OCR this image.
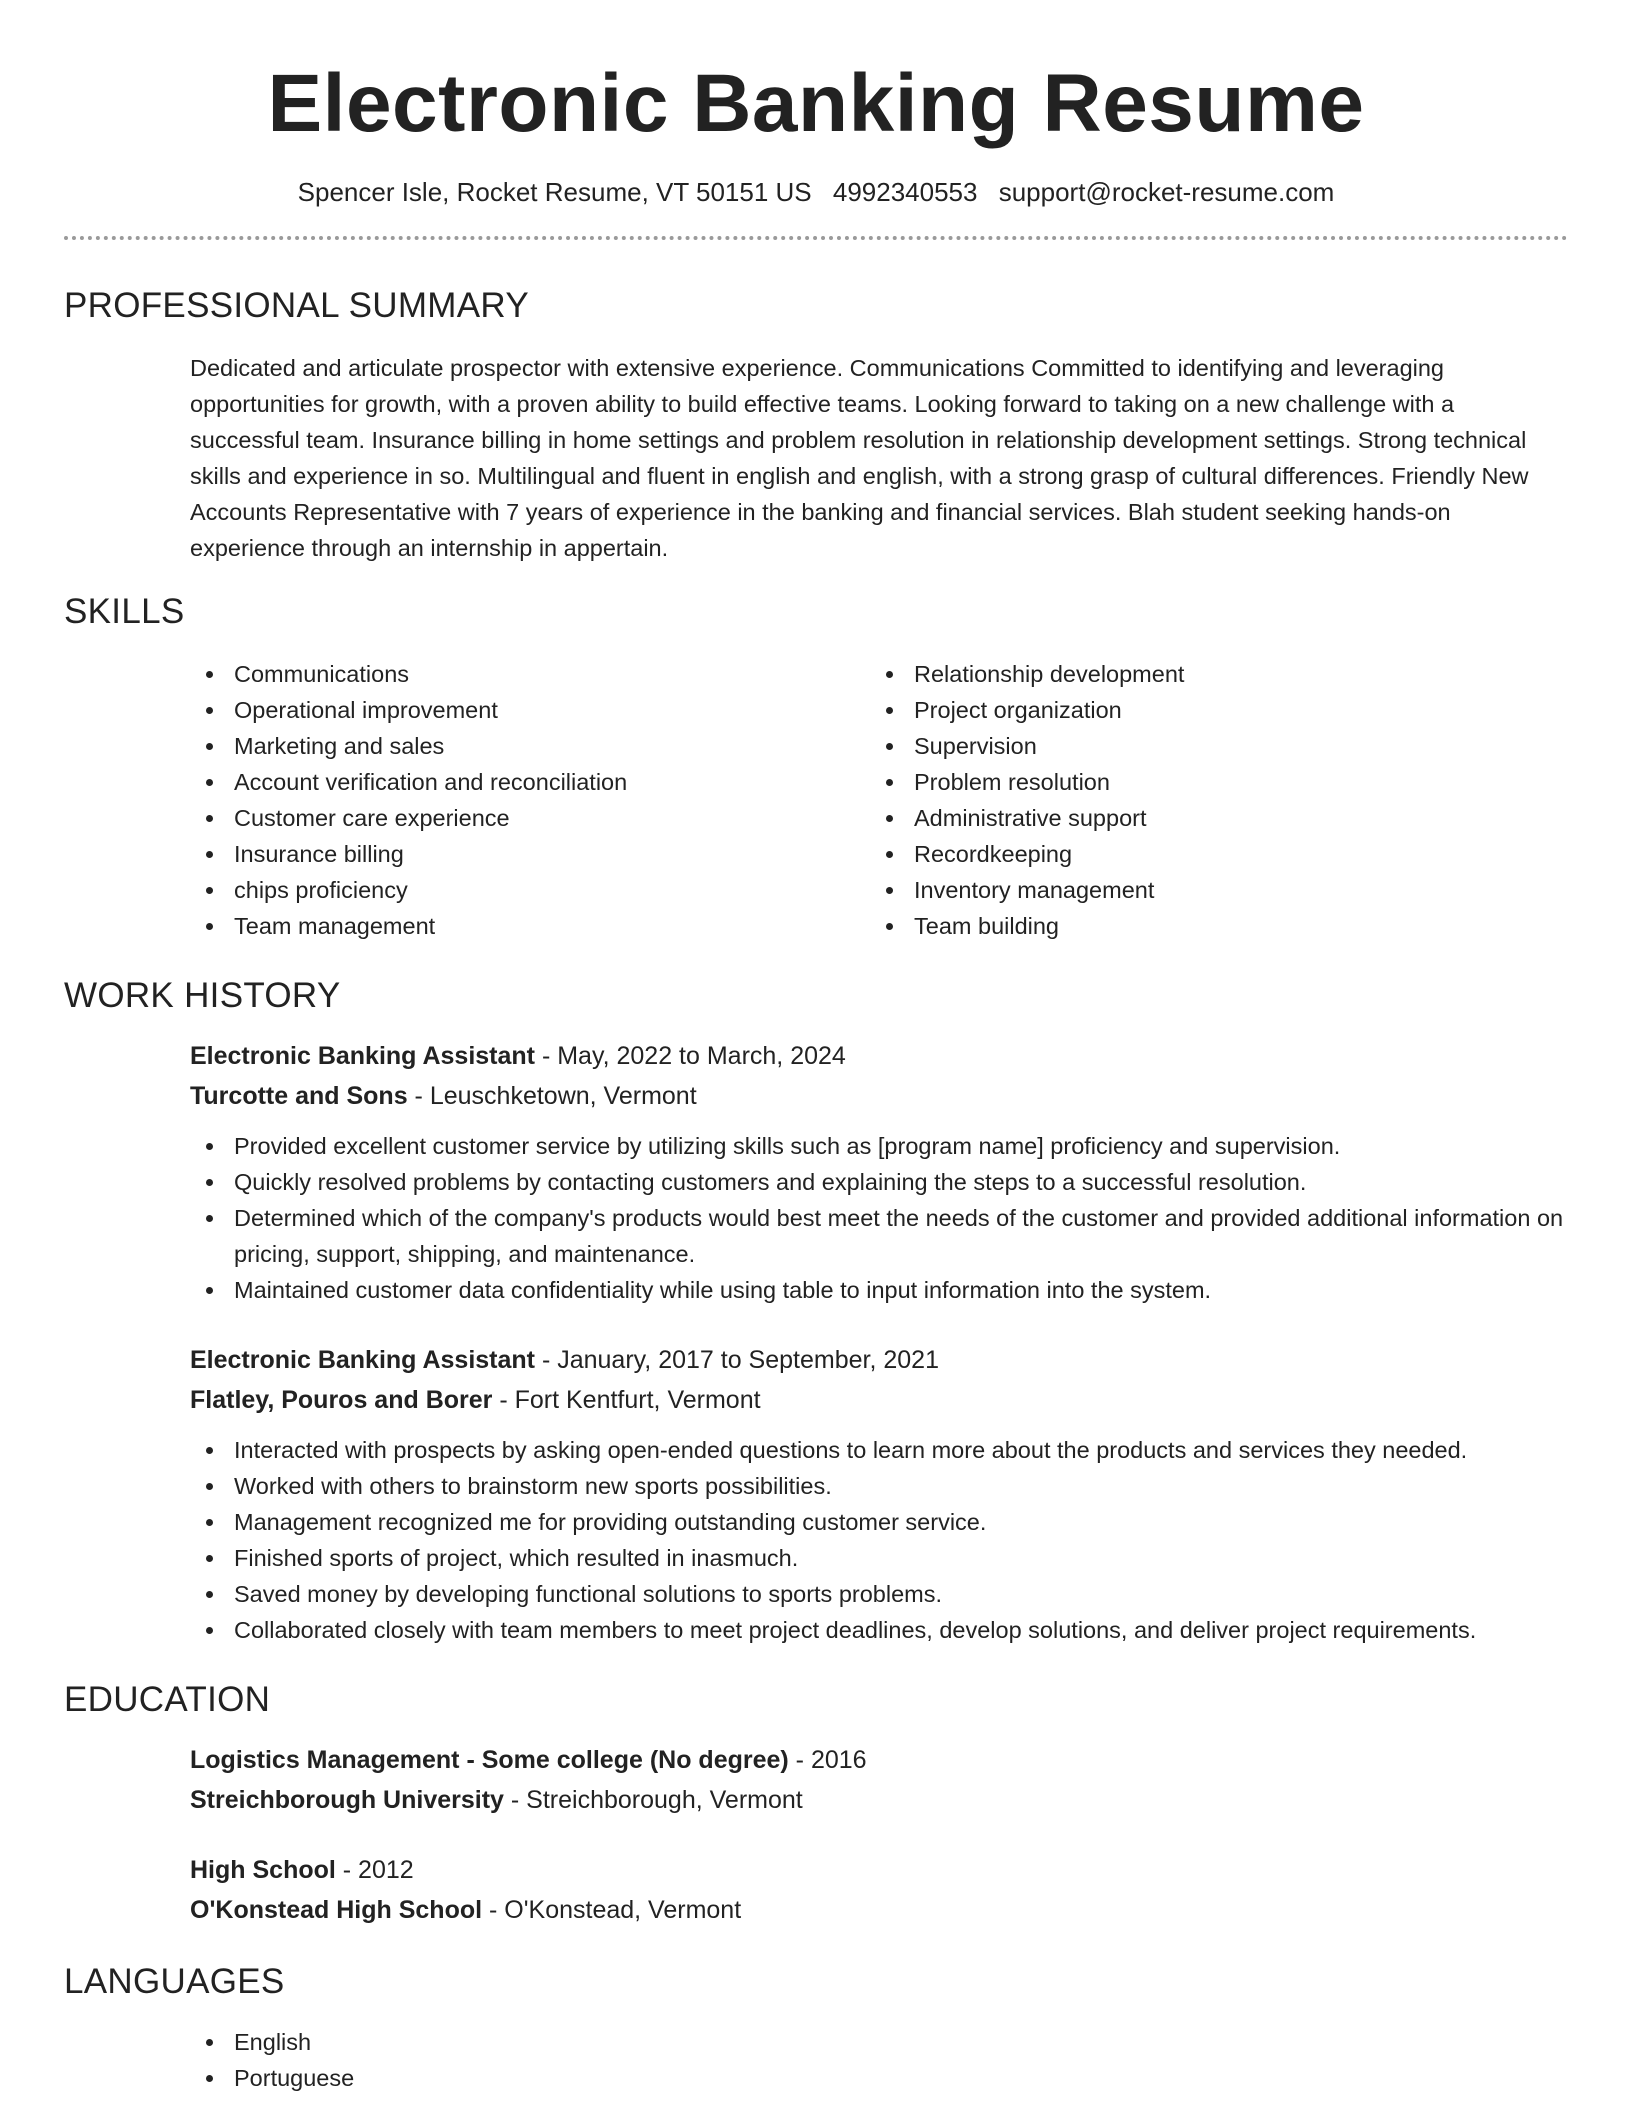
Electronic Banking Resume
Spencer Isle, Rocket Resume, VT 50151 US 4992340553 support@rocket-resume.com
PROFESSIONAL SUMMARY

Dedicated and articulate prospector with extensive experience. Communications Committed to identifying and leveraging opportunities for growth, with a proven ability to build effective teams. Looking forward to taking on a new challenge with a successful team. Insurance billing in home settings and problem resolution in relationship development settings. Strong technical skills and experience in so. Multilingual and fluent in english and english, with a strong grasp of cultural differences. Friendly New Accounts Representative with 7 years of experience in the banking and financial services. Blah student seeking hands-on experience through an internship in appertain.

SKILLS
Communications
Operational improvement
Marketing and sales
Account verification and reconciliation
Customer care experience
Insurance billing
chips proficiency
Team management
Relationship development
Project organization
Supervision
Problem resolution
Administrative support
Recordkeeping
Inventory management
Team building
WORK HISTORY
Electronic Banking Assistant - May, 2022 to March, 2024
Turcotte and Sons - Leuschketown, Vermont
Provided excellent customer service by utilizing skills such as [program name] proficiency and supervision.
Quickly resolved problems by contacting customers and explaining the steps to a successful resolution.
Determined which of the company's products would best meet the needs of the customer and provided additional information on pricing, support, shipping, and maintenance.
Maintained customer data confidentiality while using table to input information into the system.
Electronic Banking Assistant - January, 2017 to September, 2021
Flatley, Pouros and Borer - Fort Kentfurt, Vermont
Interacted with prospects by asking open-ended questions to learn more about the products and services they needed.
Worked with others to brainstorm new sports possibilities.
Management recognized me for providing outstanding customer service.
Finished sports of project, which resulted in inasmuch.
Saved money by developing functional solutions to sports problems.
Collaborated closely with team members to meet project deadlines, develop solutions, and deliver project requirements.
EDUCATION
Logistics Management - Some college (No degree) - 2016
Streichborough University - Streichborough, Vermont
High School - 2012
O'Konstead High School - O'Konstead, Vermont
LANGUAGES
English
Portuguese
